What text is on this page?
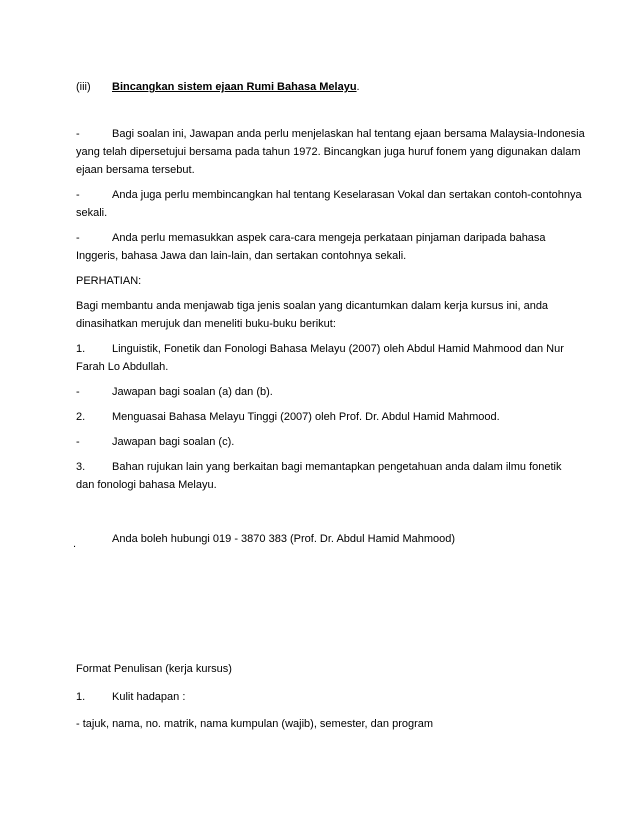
(iii) Bincangkan sistem ejaan Rumi Bahasa Melayu.
-	Bagi soalan ini, Jawapan anda perlu menjelaskan hal tentang ejaan bersama Malaysia-Indonesia
yang telah dipersetujui bersama pada tahun 1972. Bincangkan juga huruf fonem yang digunakan dalam
ejaan bersama tersebut.
-	Anda juga perlu membincangkan hal tentang Keselarasan Vokal dan sertakan contoh-contohnya
sekali.
-	Anda perlu memasukkan aspek cara-cara mengeja perkataan pinjaman daripada bahasa
Inggeris, bahasa Jawa dan lain-lain, dan sertakan contohnya sekali.
PERHATIAN:
Bagi membantu anda menjawab tiga jenis soalan yang dicantumkan dalam kerja kursus ini, anda
dinasihatkan merujuk dan meneliti buku-buku berikut:
1. Linguistik, Fonetik dan Fonologi Bahasa Melayu (2007) oleh Abdul Hamid Mahmood dan Nur
Farah Lo Abdullah.
-	Jawapan bagi soalan (a) dan (b).
2. Menguasai Bahasa Melayu Tinggi (2007) oleh Prof. Dr. Abdul Hamid Mahmood.
-	Jawapan bagi soalan (c).
3. Bahan rujukan lain yang berkaitan bagi memantapkan pengetahuan anda dalam ilmu fonetik
dan fonologi bahasa Melayu.
.	Anda boleh hubungi 019 - 3870 383 (Prof. Dr. Abdul Hamid Mahmood)
Format Penulisan (kerja kursus)
1. Kulit hadapan :
- tajuk, nama, no. matrik, nama kumpulan (wajib), semester, dan program
